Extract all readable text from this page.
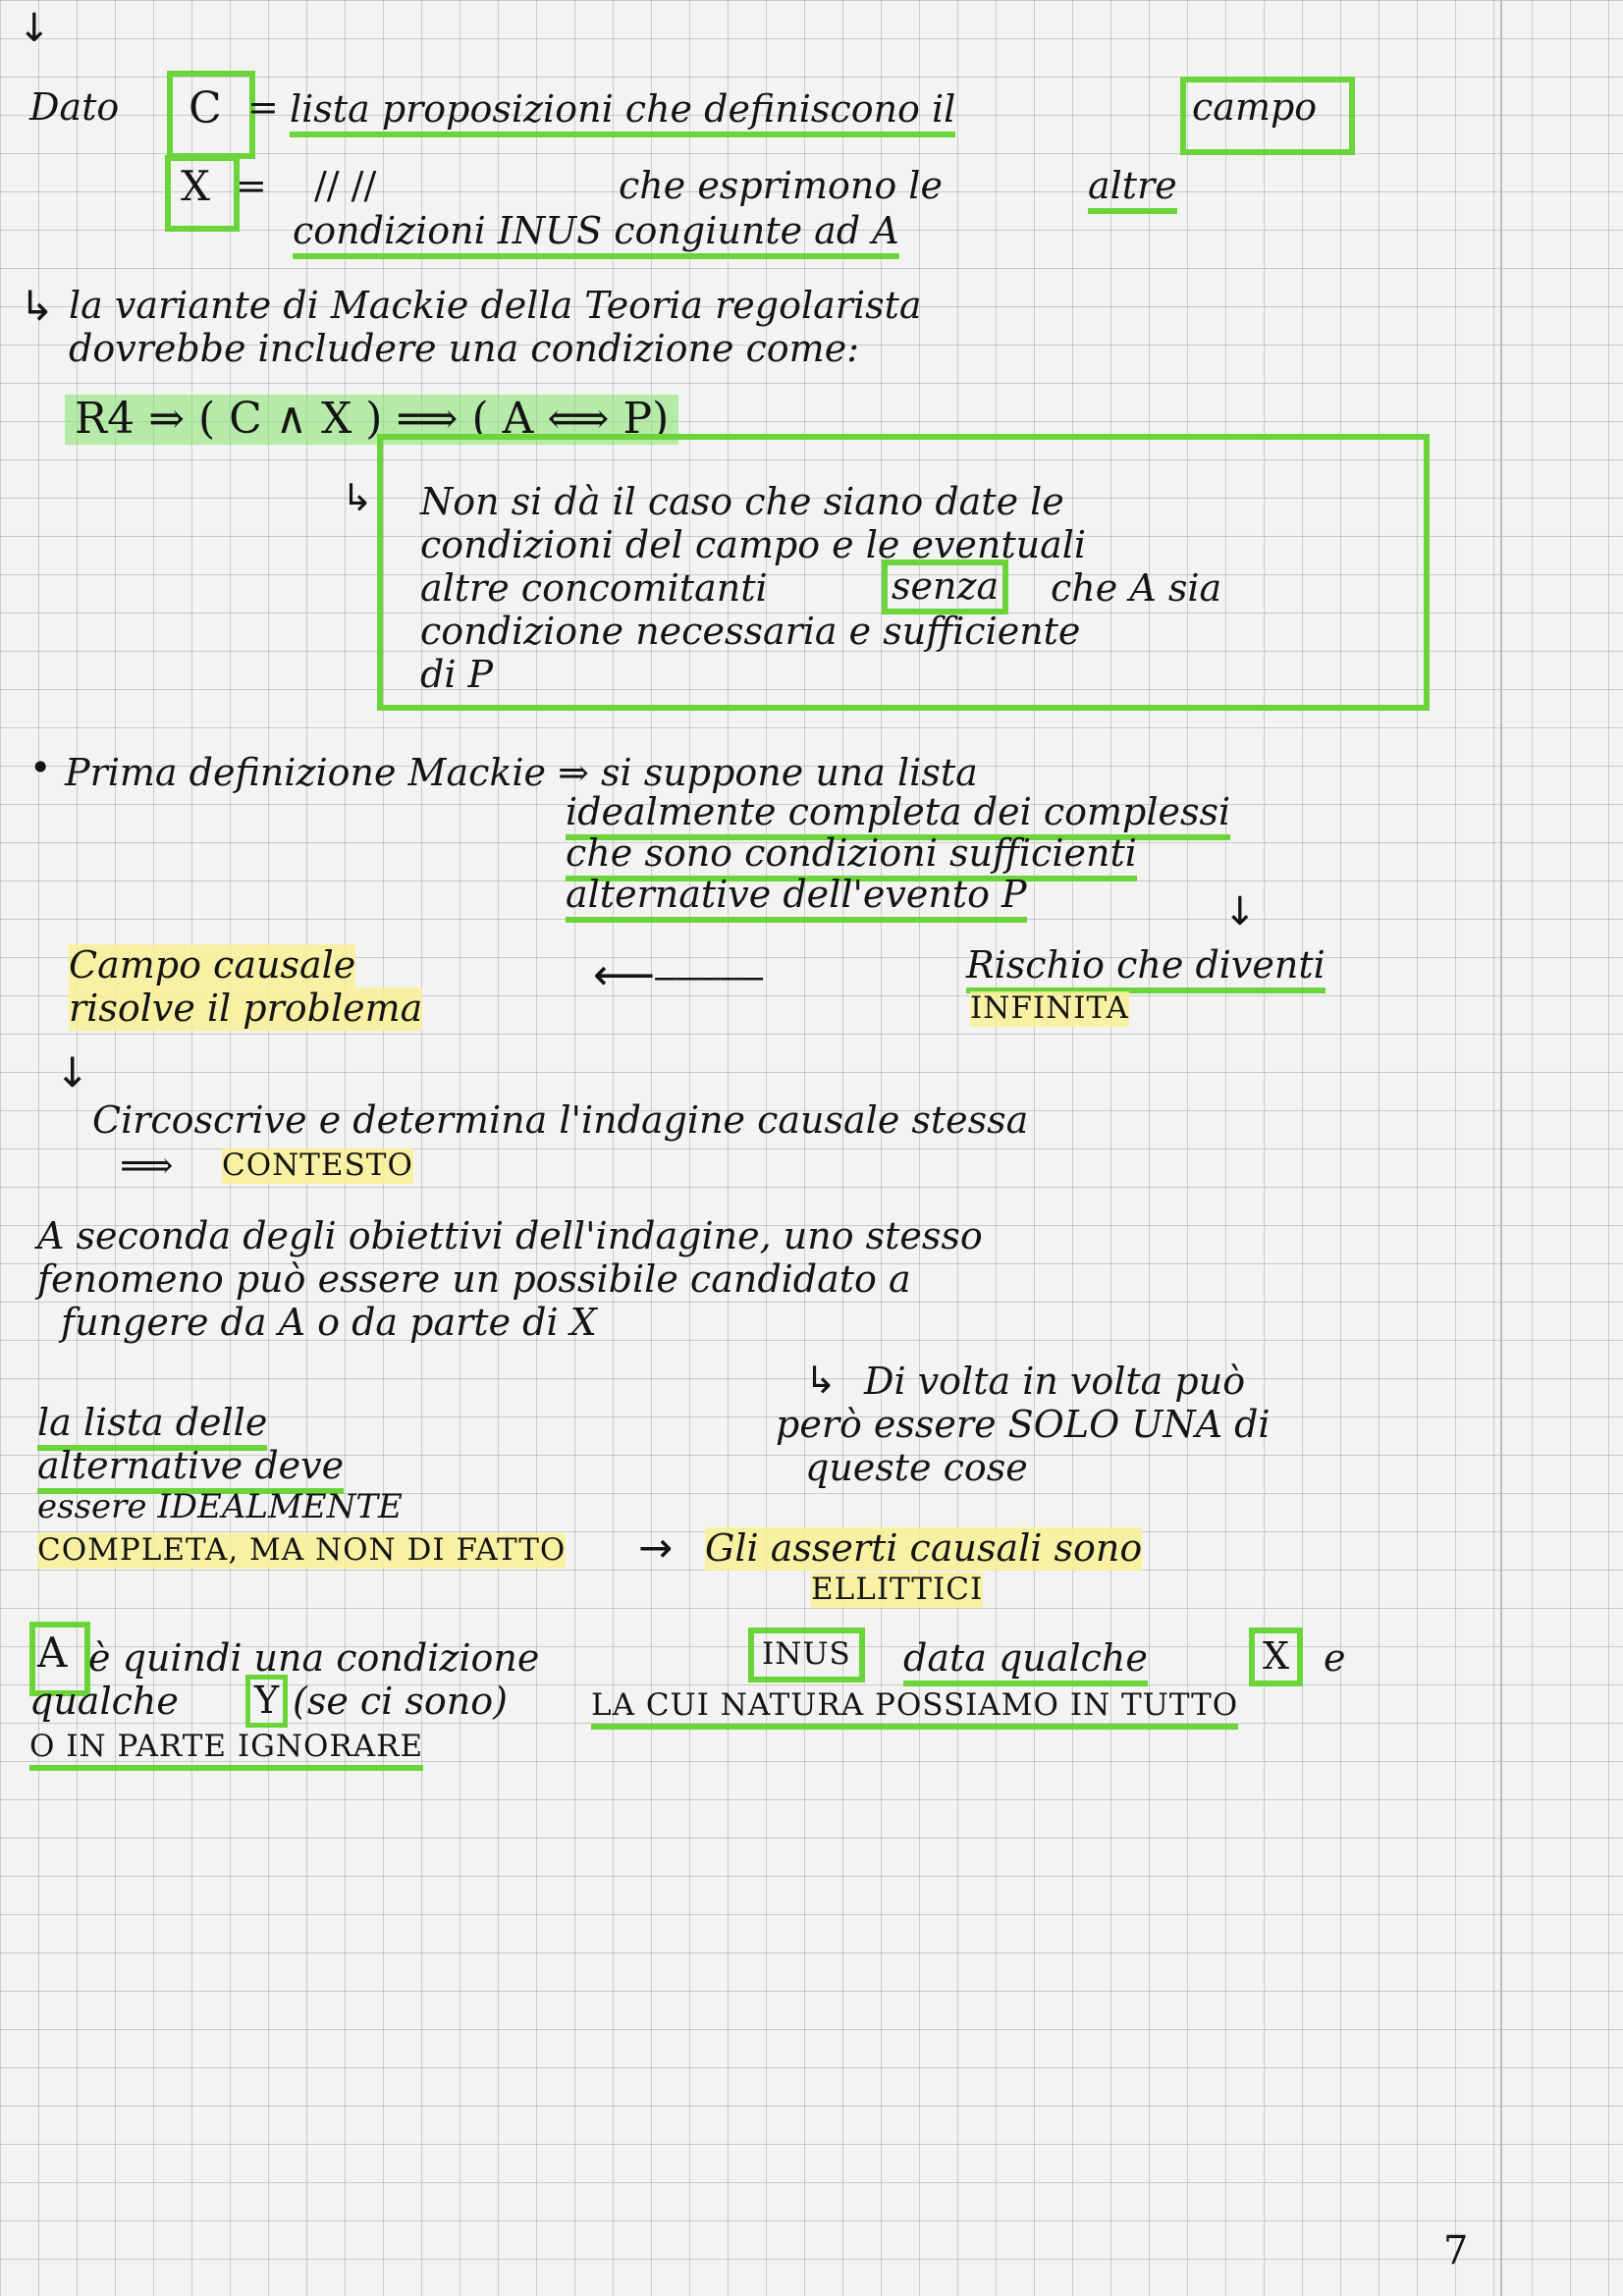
↓
Dato C = lista proposizioni che definiscono il	campo
X = // //	che esprimono le	altre
condizioni INUS congiunte ad A
↳ la variante di Mackie della Teoria regolarista
dovrebbe includere una condizione come:
R4 ⇒ ( C ∧ X ) ⟹ ( A ⟺ P)
↳ Non si dà il caso che siano date le
condizioni del campo e le eventuali
altre concomitanti	senza che A sia
condizione necessaria e sufficiente
di P
• Prima definizione Mackie ⇒ si suppone una lista
idealmente completa dei complessi
che sono condizioni sufficienti
alternative dell'evento P	↓
Campo causale
risolve il problema
⟵⎯⎯⎯⎯⎯	Rischio che diventi
INFINITA
↓
Circoscrive e determina l'indagine causale stessa
⟹ CONTESTO
A seconda degli obiettivi dell'indagine, uno stesso
fenomeno può essere un possibile candidato a
fungere da A o da parte di X
↳ Di volta in volta può
però essere SOLO UNA di
queste cose
la lista delle
alternative deve
essere IDEALMENTE
COMPLETA, MA NON DI FATTO → Gli asserti causali sono
ELLITTICI
A è quindi una condizione	INUS	data qualche	X e
qualche Y (se ci sono)	LA CUI NATURA POSSIAMO IN TUTTO
O IN PARTE IGNORARE
7
